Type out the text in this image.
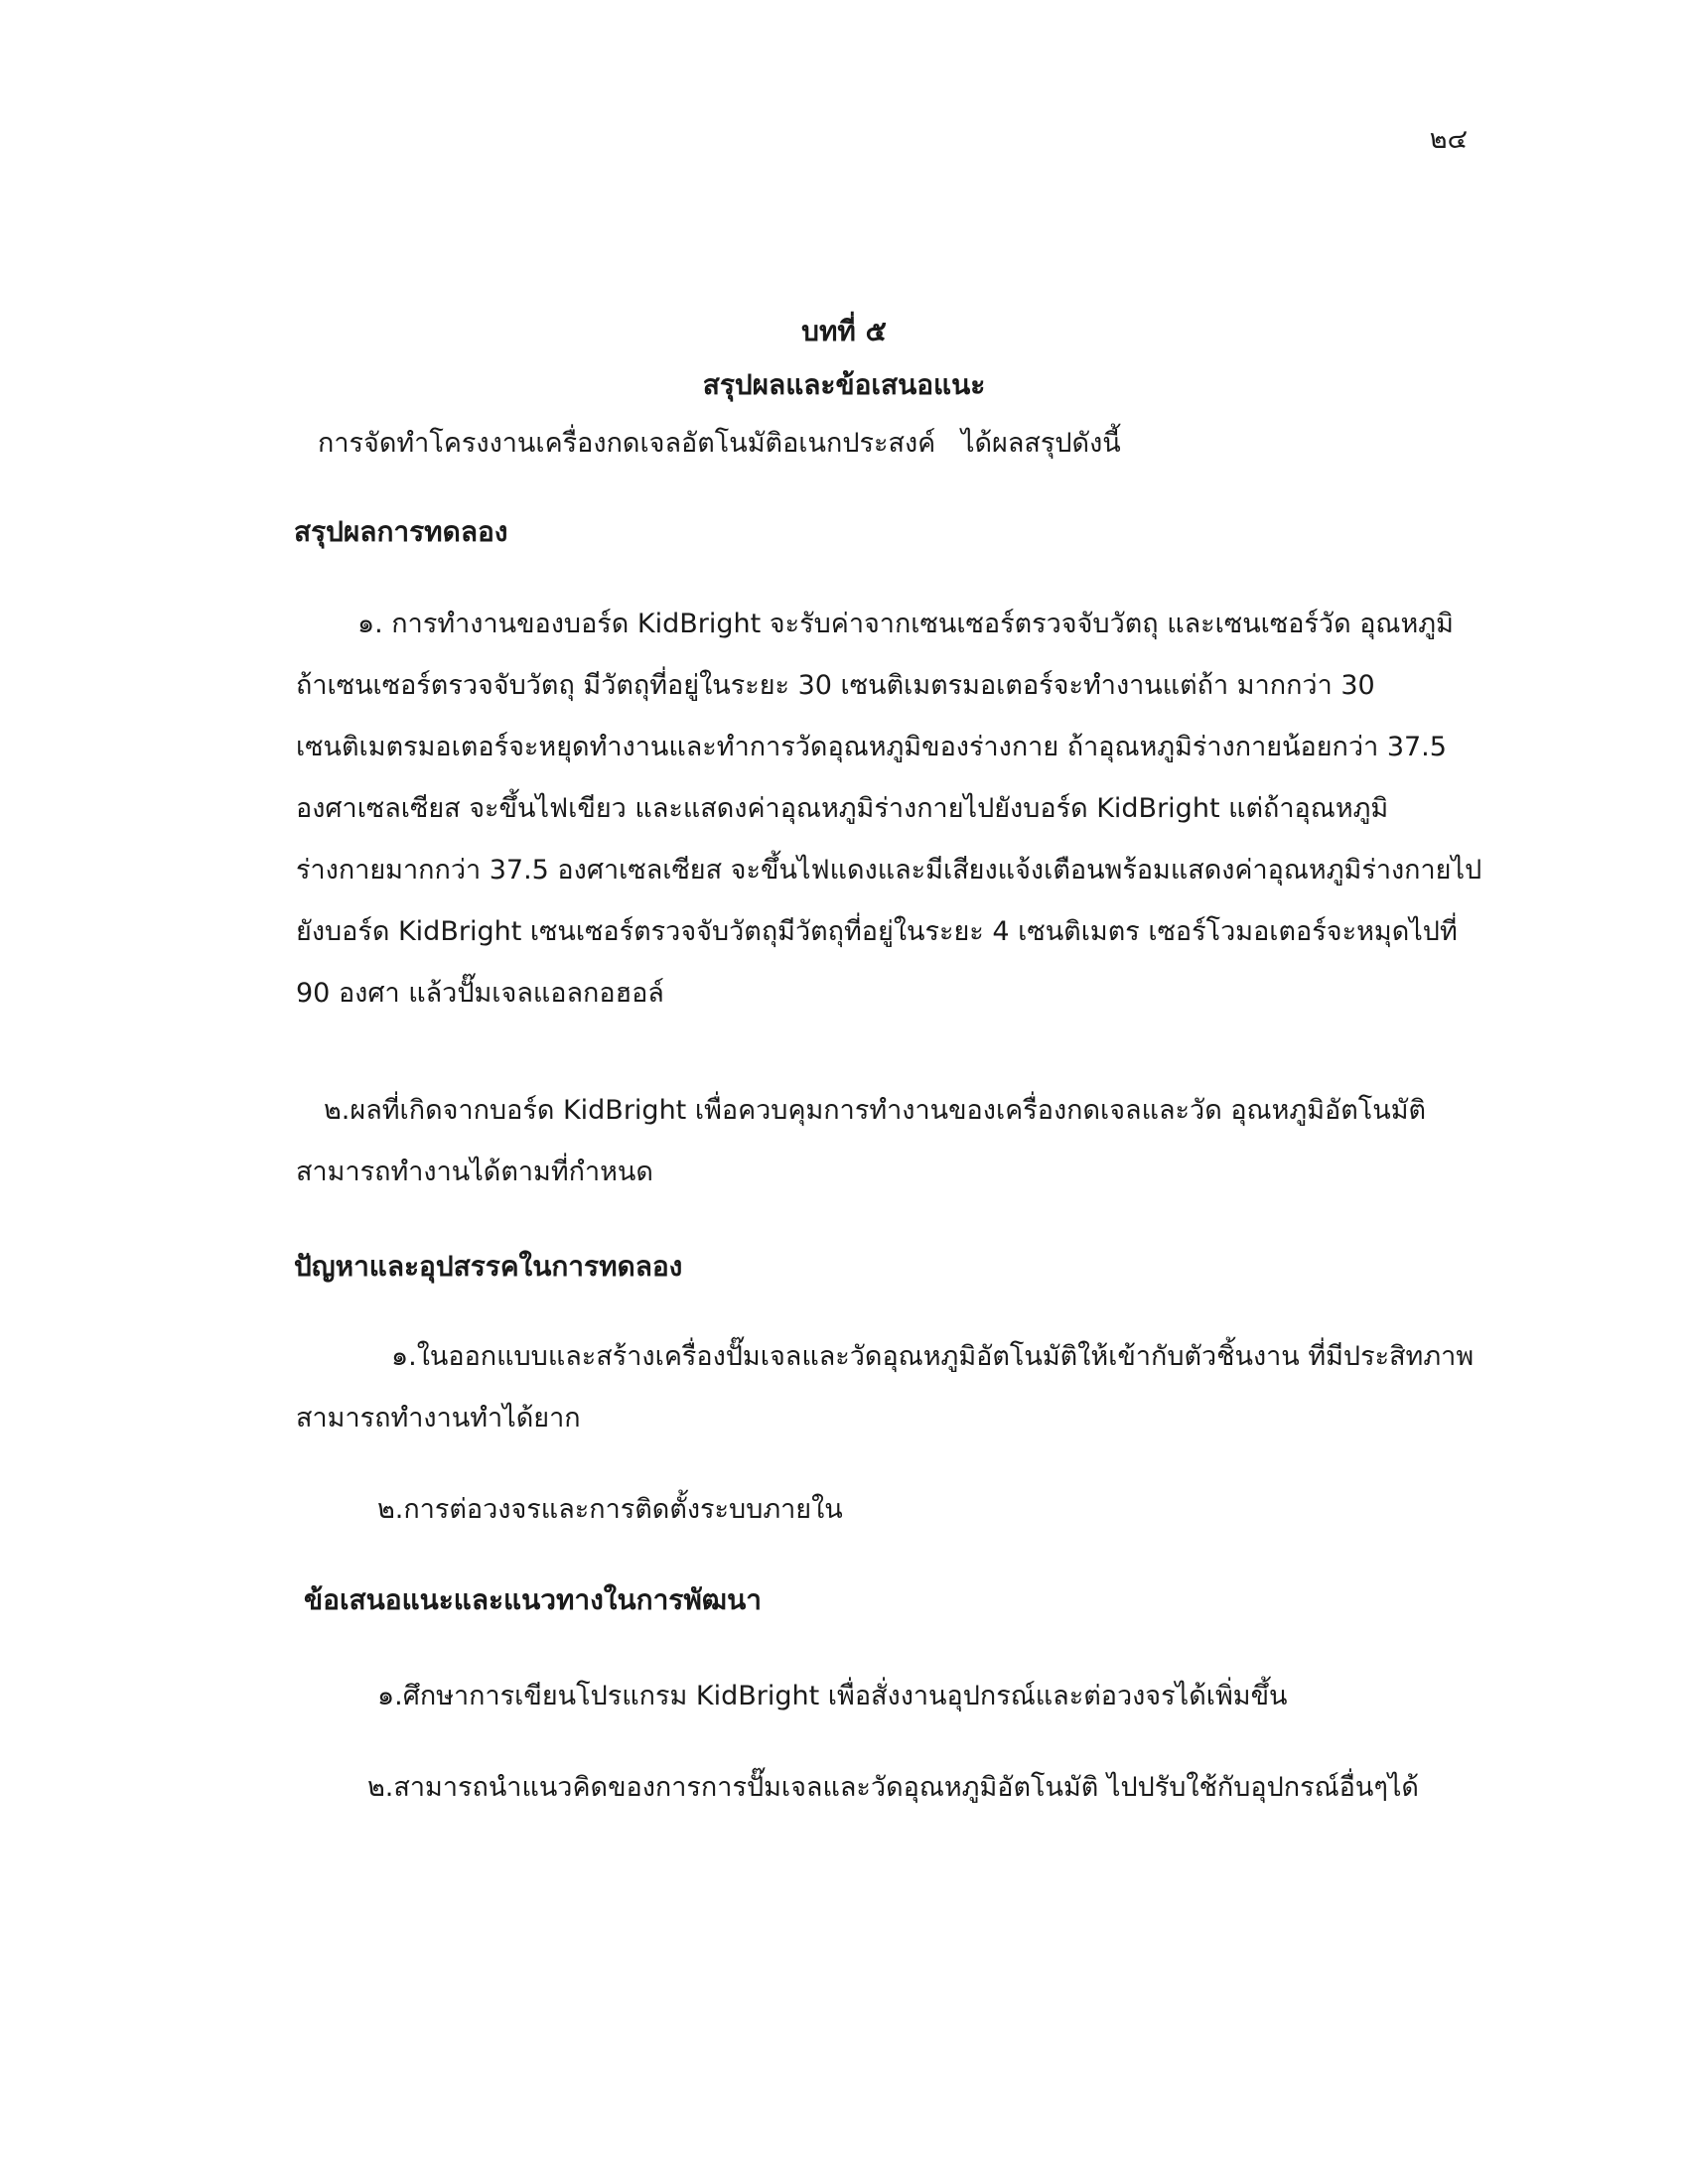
๒๔
บทที่ ๕
สรุปผลและข้อเสนอแนะ
การจัดทำโครงงานเครื่องกดเจลอัตโนมัติอเนกประสงค์   ได้ผลสรุปดังนี้
สรุปผลการทดลอง
๑. การทำงานของบอร์ด KidBright จะรับค่าจากเซนเซอร์ตรวจจับวัตถุ และเซนเซอร์วัด อุณหภูมิ
ถ้าเซนเซอร์ตรวจจับวัตถุ มีวัตถุที่อยู่ในระยะ 30 เซนติเมตรมอเตอร์จะทำงานแต่ถ้า มากกว่า 30
เซนติเมตรมอเตอร์จะหยุดทำงานและทำการวัดอุณหภูมิของร่างกาย ถ้าอุณหภูมิร่างกายน้อยกว่า 37.5
องศาเซลเซียส จะขึ้นไฟเขียว และแสดงค่าอุณหภูมิร่างกายไปยังบอร์ด KidBright แต่ถ้าอุณหภูมิ
ร่างกายมากกว่า 37.5 องศาเซลเซียส จะขึ้นไฟแดงและมีเสียงแจ้งเตือนพร้อมแสดงค่าอุณหภูมิร่างกายไป
ยังบอร์ด KidBright เซนเซอร์ตรวจจับวัตถุมีวัตถุที่อยู่ในระยะ 4 เซนติเมตร เซอร์โวมอเตอร์จะหมุดไปที่
90 องศา แล้วปั๊มเจลแอลกอฮอล์
๒.ผลที่เกิดจากบอร์ด KidBright เพื่อควบคุมการทำงานของเครื่องกดเจลและวัด อุณหภูมิอัตโนมัติ
สามารถทำงานได้ตามที่กำหนด
ปัญหาและอุปสรรคในการทดลอง
๑.ในออกแบบและสร้างเครื่องปั๊มเจลและวัดอุณหภูมิอัตโนมัติให้เข้ากับตัวชิ้นงาน ที่มีประสิทภาพ
สามารถทำงานทำได้ยาก
๒.การต่อวงจรและการติดตั้งระบบภายใน
ข้อเสนอแนะและแนวทางในการพัฒนา
๑.ศึกษาการเขียนโปรแกรม KidBright เพื่อสั่งงานอุปกรณ์และต่อวงจรได้เพิ่มขึ้น
๒.สามารถนำแนวคิดของการการปั๊มเจลและวัดอุณหภูมิอัตโนมัติ ไปปรับใช้กับอุปกรณ์อื่นๆได้
